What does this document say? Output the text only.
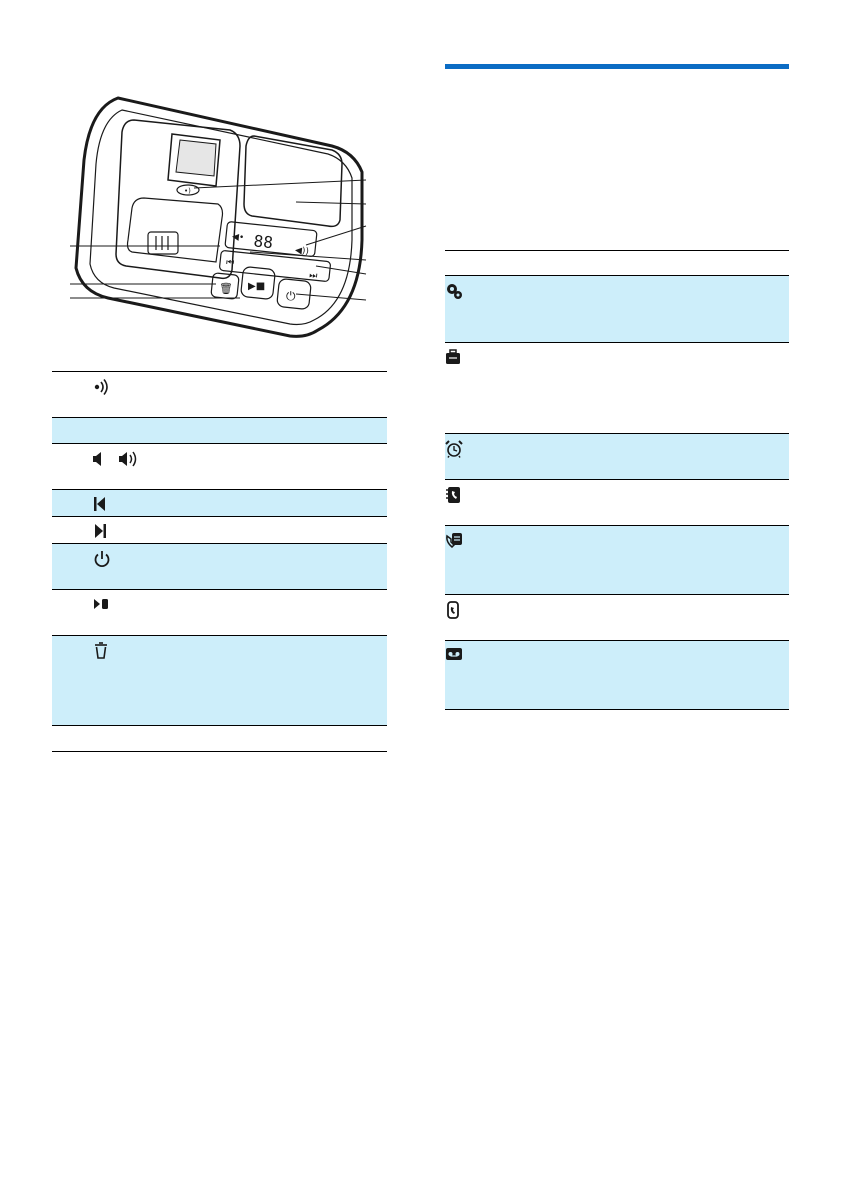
•)
88
◀•
◀))
⏮
⏭
🗑 ▶■
⏻
